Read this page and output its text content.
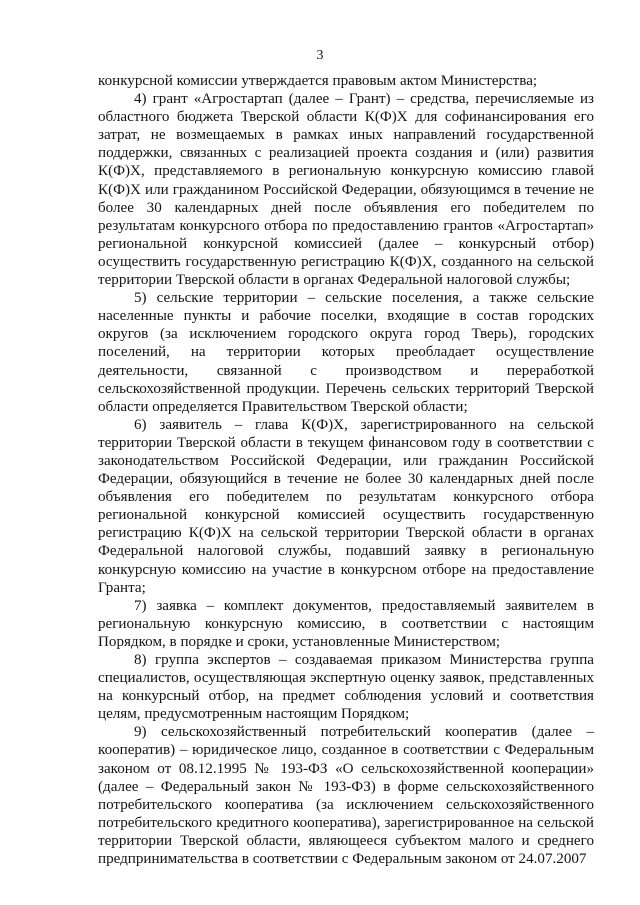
3

конкурсной комиссии утверждается правовым актом Министерства;

4) грант «Агростартап (далее – Грант) – средства, перечисляемые из областного бюджета Тверской области К(Ф)Х для софинансирования его затрат, не возмещаемых в рамках иных направлений государственной поддержки, связанных с реализацией проекта создания и (или) развития К(Ф)Х, представляемого в региональную конкурсную комиссию главой К(Ф)Х или гражданином Российской Федерации, обязующимся в течение не более 30 календарных дней после объявления его победителем по результатам конкурсного отбора по предоставлению грантов «Агростартап» региональной конкурсной комиссией (далее – конкурсный отбор) осуществить государственную регистрацию К(Ф)Х, созданного на сельской территории Тверской области в органах Федеральной налоговой службы;

5) сельские территории – сельские поселения, а также сельские населенные пункты и рабочие поселки, входящие в состав городских округов (за исключением городского округа город Тверь), городских поселений, на территории которых преобладает осуществление деятельности, связанной с производством и переработкой сельскохозяйственной продукции. Перечень сельских территорий Тверской области определяется Правительством Тверской области;

6) заявитель – глава К(Ф)Х, зарегистрированного на сельской территории Тверской области в текущем финансовом году в соответствии с законодательством Российской Федерации, или гражданин Российской Федерации, обязующийся в течение не более 30 календарных дней после объявления его победителем по результатам конкурсного отбора региональной конкурсной комиссией осуществить государственную регистрацию К(Ф)Х на сельской территории Тверской области в органах Федеральной налоговой службы, подавший заявку в региональную конкурсную комиссию на участие в конкурсном отборе на предоставление Гранта;

7) заявка – комплект документов, предоставляемый заявителем в региональную конкурсную комиссию, в соответствии с настоящим Порядком, в порядке и сроки, установленные Министерством;

8) группа экспертов – создаваемая приказом Министерства группа специалистов, осуществляющая экспертную оценку заявок, представленных на конкурсный отбор, на предмет соблюдения условий и соответствия целям, предусмотренным настоящим Порядком;

9) сельскохозяйственный потребительский кооператив (далее – кооператив) – юридическое лицо, созданное в соответствии с Федеральным законом от 08.12.1995 № 193-ФЗ «О сельскохозяйственной кооперации» (далее – Федеральный закон № 193-ФЗ) в форме сельскохозяйственного потребительского кооператива (за исключением сельскохозяйственного потребительского кредитного кооператива), зарегистрированное на сельской территории Тверской области, являющееся субъектом малого и среднего предпринимательства в соответствии с Федеральным законом от 24.07.2007
